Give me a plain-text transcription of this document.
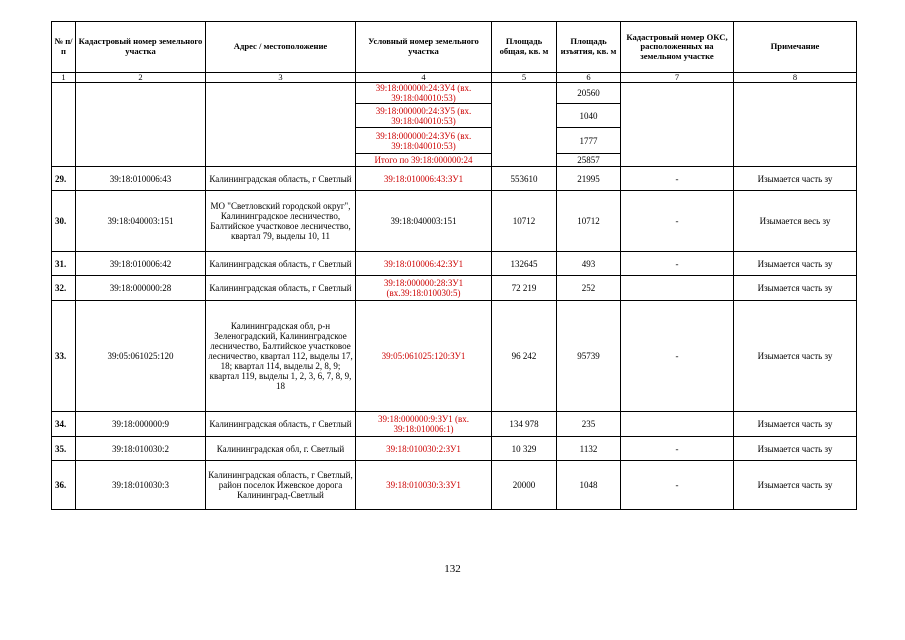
№ п/п	Кадастровый номер земельного участка	Адрес / местоположение	Условный номер земельного участка	Площадь общая, кв. м	Площадь изъятия, кв. м	Кадастровый номер ОКС, расположенных на земельном участке	Примечание
1	2	3	4	5	6	7	8
			39:18:000000:24:ЗУ4 (вх. 39:18:040010:53)		20560		
			39:18:000000:24:ЗУ5 (вх. 39:18:040010:53)		1040		
			39:18:000000:24:ЗУ6 (вх. 39:18:040010:53)		1777		
			Итого по 39:18:000000:24		25857		
29.	39:18:010006:43	Калининградская область, г Светлый	39:18:010006:43:ЗУ1	553610	21995	-	Изымается часть зу
30.	39:18:040003:151	МО "Светловский городской округ", Калининградское лесничество, Балтийское участковое лесничество, квартал 79, выделы 10, 11	39:18:040003:151	10712	10712	-	Изымается весь зу
31.	39:18:010006:42	Калининградская область, г Светлый	39:18:010006:42:ЗУ1	132645	493	-	Изымается часть зу
32.	39:18:000000:28	Калининградская область, г Светлый	39:18:000000:28:ЗУ1 (вх.39:18:010030:5)	72 219	252		Изымается часть зу
33.	39:05:061025:120	Калининградская обл, р-н Зеленоградский, Калининградское лесничество, Балтийское участковое лесничество, квартал 112, выделы 17, 18; квартал 114, выделы 2, 8, 9; квартал 119, выделы 1, 2, 3, 6, 7, 8, 9, 18	39:05:061025:120:ЗУ1	96 242	95739	-	Изымается часть зу
34.	39:18:000000:9	Калининградская область, г Светлый	39:18:000000:9:ЗУ1 (вх. 39:18:010006:1)	134 978	235		Изымается часть зу
35.	39:18:010030:2	Калининградская обл, г. Светлый	39:18:010030:2:ЗУ1	10 329	1132	-	Изымается часть зу
36.	39:18:010030:3	Калининградская область, г Светлый, район поселок Ижевское дорога Калининград-Светлый	39:18:010030:3:ЗУ1	20000	1048	-	Изымается часть зу
132
